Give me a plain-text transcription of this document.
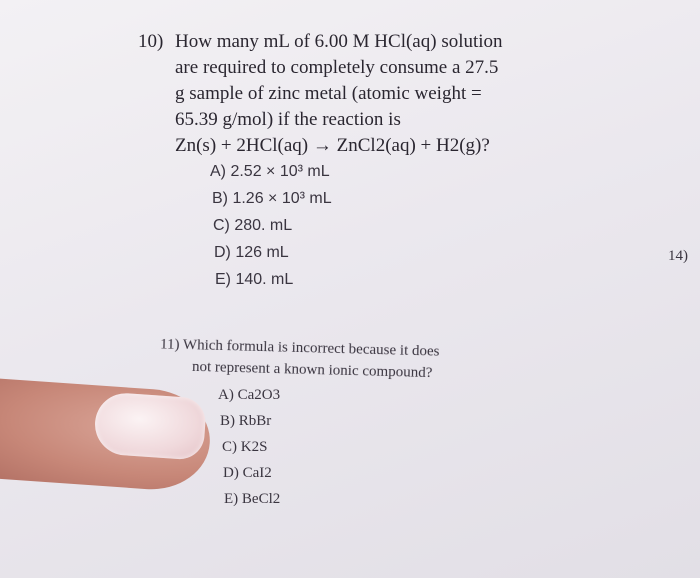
10) How many mL of 6.00 M HCl(aq) solution
are required to completely consume a 27.5
g sample of zinc metal (atomic weight =
65.39 g/mol) if the reaction is
Zn(s) + 2HCl(aq) → ZnCl2(aq) + H2(g)?
A) 2.52 × 10³ mL
B) 1.26 × 10³ mL
C) 280. mL
D) 126 mL
E) 140. mL
14)
11) Which formula is incorrect because it does
not represent a known ionic compound?
A) Ca2O3
B) RbBr
C) K2S
D) CaI2
E) BeCl2
